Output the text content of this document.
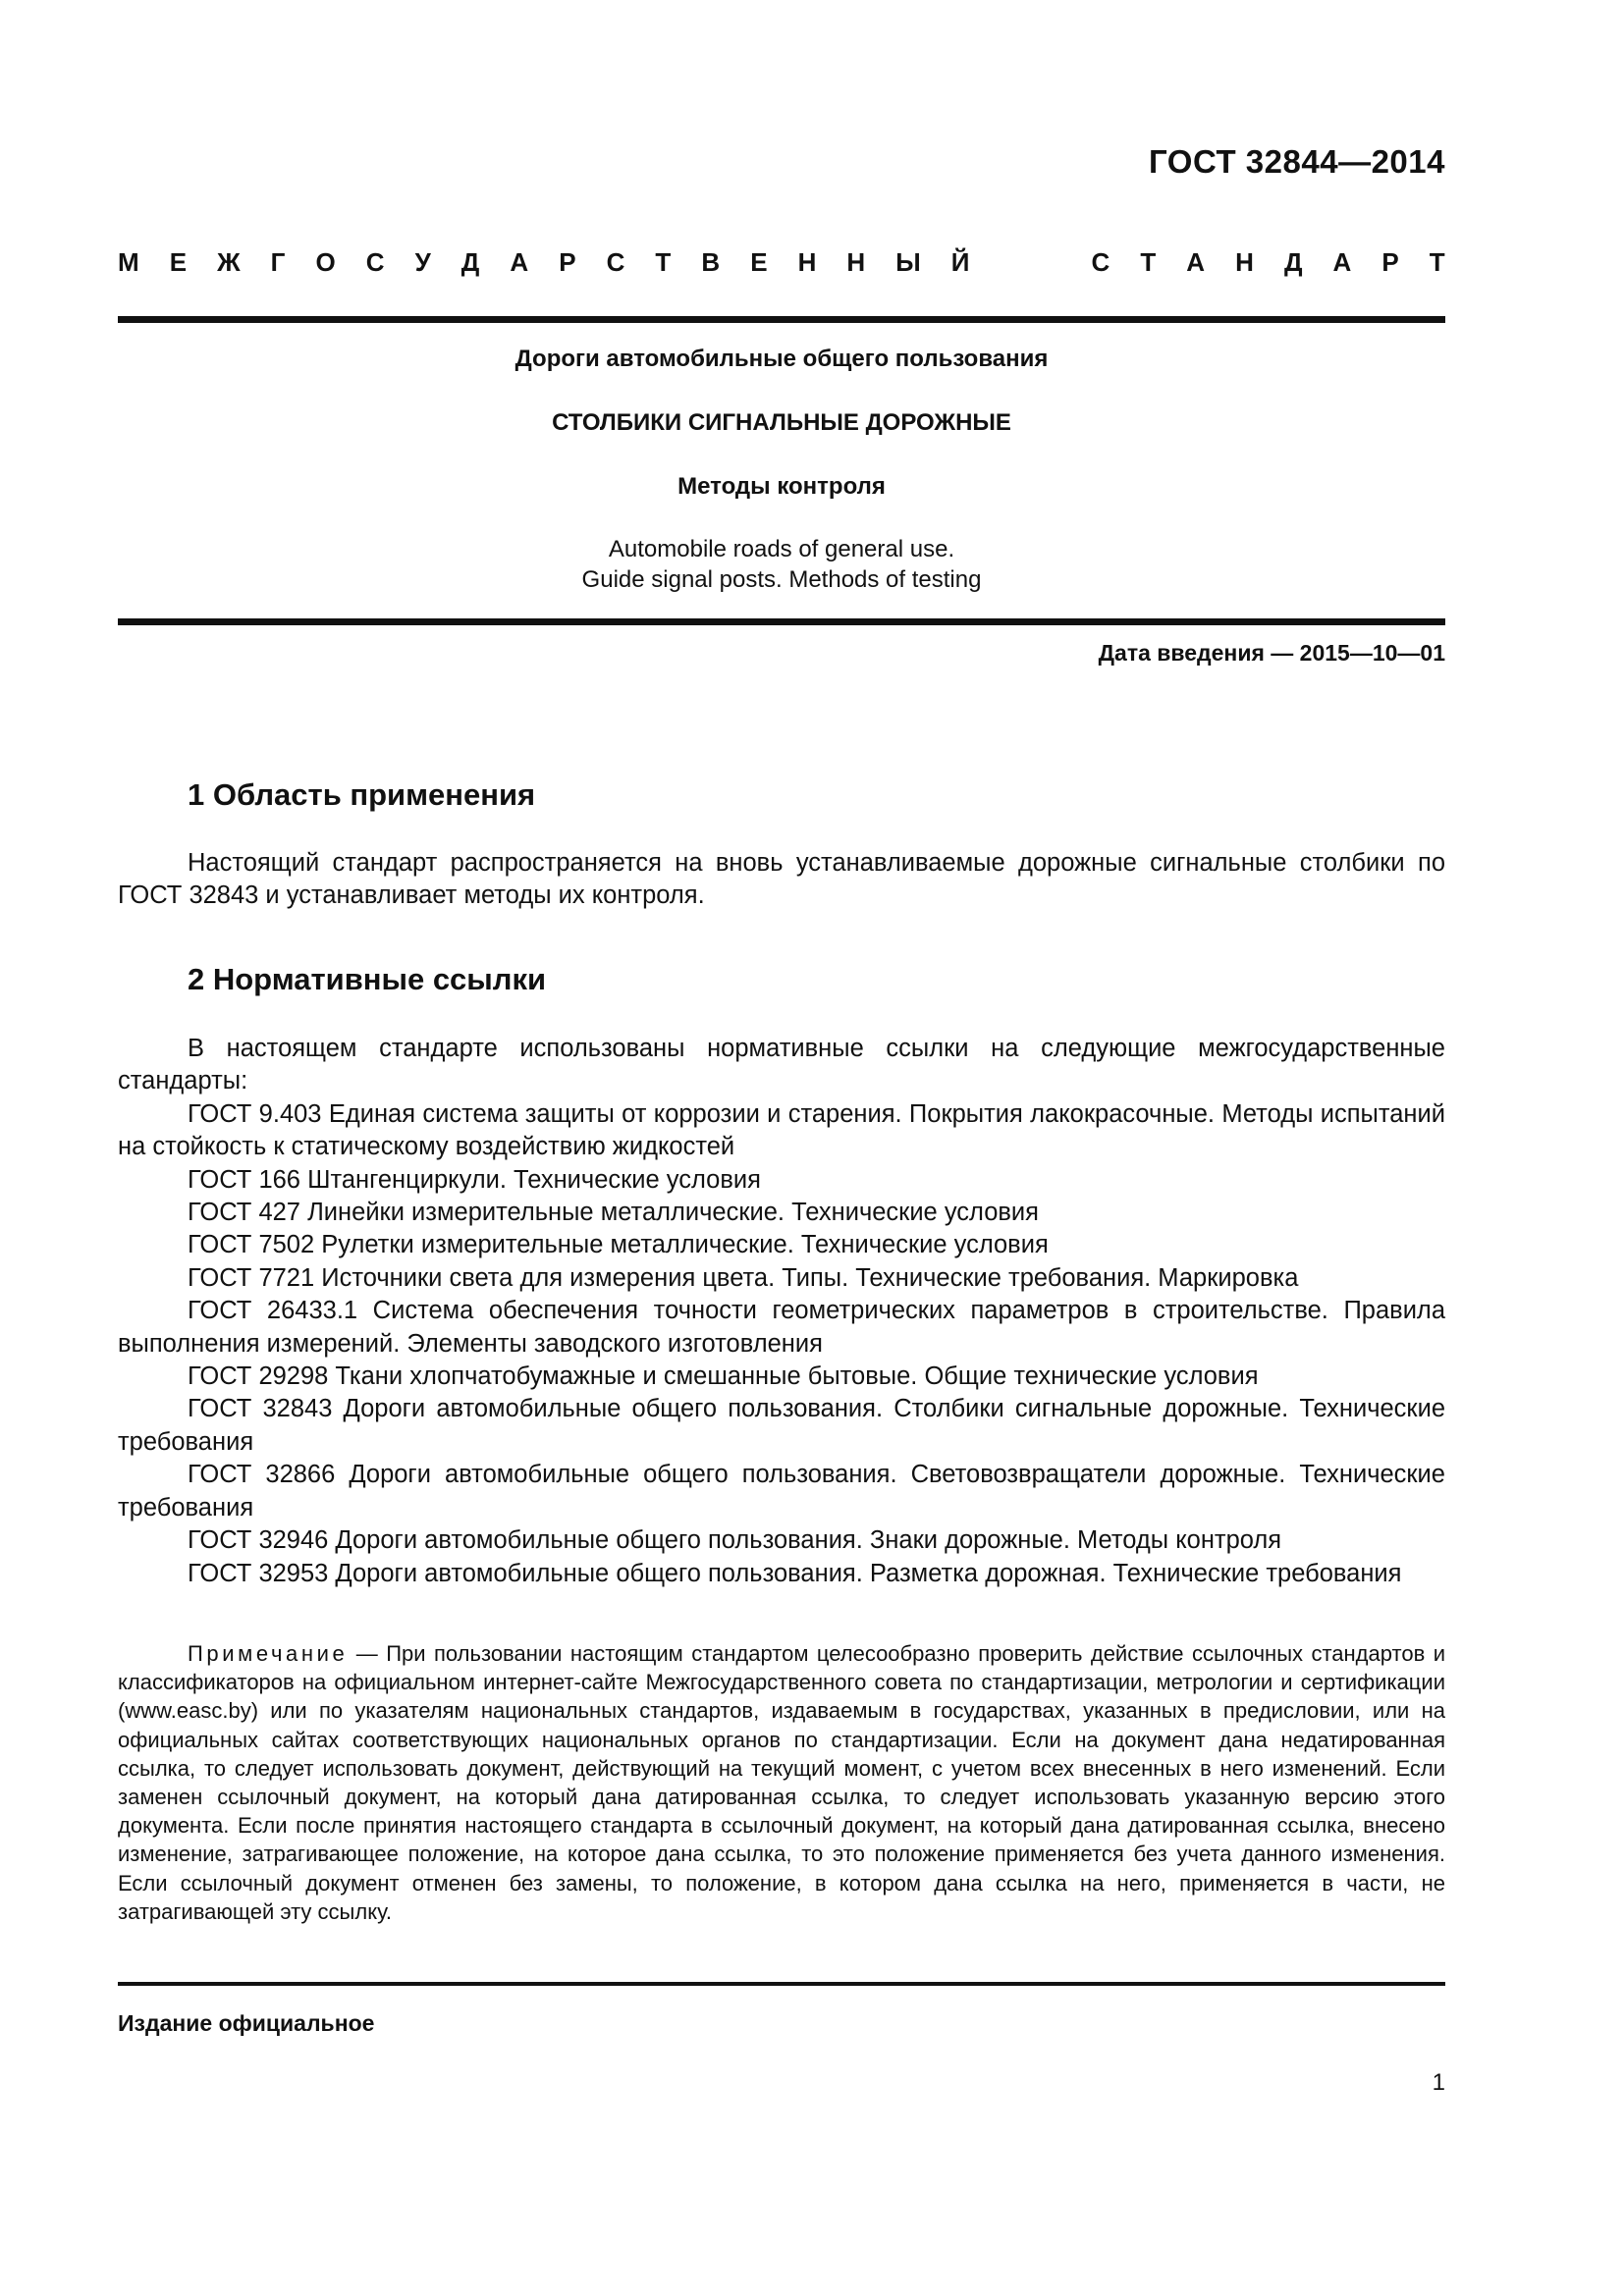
ГОСТ 32844—2014
М Е Ж Г О С У Д А Р С Т В Е Н Н Ы Й	С Т А Н Д А Р Т
Дороги автомобильные общего пользования
СТОЛБИКИ СИГНАЛЬНЫЕ ДОРОЖНЫЕ
Методы контроля
Automobile roads of general use.
Guide signal posts. Methods of testing
Дата введения — 2015—10—01
1 Область применения
Настоящий стандарт распространяется на вновь устанавливаемые дорожные сигнальные столбики по ГОСТ 32843 и устанавливает методы их контроля.
2 Нормативные ссылки

В настоящем стандарте использованы нормативные ссылки на следующие межгосударственные стандарты:

ГОСТ 9.403 Единая система защиты от коррозии и старения. Покрытия лакокрасочные. Методы испытаний на стойкость к статическому воздействию жидкостей

ГОСТ 166 Штангенциркули. Технические условия

ГОСТ 427 Линейки измерительные металлические. Технические условия

ГОСТ 7502 Рулетки измерительные металлические. Технические условия

ГОСТ 7721 Источники света для измерения цвета. Типы. Технические требования. Маркировка

ГОСТ 26433.1 Система обеспечения точности геометрических параметров в строительстве. Правила выполнения измерений. Элементы заводского изготовления

ГОСТ 29298 Ткани хлопчатобумажные и смешанные бытовые. Общие технические условия

ГОСТ 32843 Дороги автомобильные общего пользования. Столбики сигнальные дорожные. Технические требования

ГОСТ 32866 Дороги автомобильные общего пользования. Световозвращатели дорожные. Технические требования

ГОСТ 32946 Дороги автомобильные общего пользования. Знаки дорожные. Методы контроля

ГОСТ 32953 Дороги автомобильные общего пользования. Разметка дорожная. Технические требования

Примечание — При пользовании настоящим стандартом целесообразно проверить действие ссылочных стандартов и классификаторов на официальном интернет-сайте Межгосударственного совета по стандартизации, метрологии и сертификации (www.easc.by) или по указателям национальных стандартов, издаваемым в государствах, указанных в предисловии, или на официальных сайтах соответствующих национальных органов по стандартизации. Если на документ дана недатированная ссылка, то следует использовать документ, действующий на текущий момент, с учетом всех внесенных в него изменений. Если заменен ссылочный документ, на который дана датированная ссылка, то следует использовать указанную версию этого документа. Если после принятия настоящего стандарта в ссылочный документ, на который дана датированная ссылка, внесено изменение, затрагивающее положение, на которое дана ссылка, то это положение применяется без учета данного изменения. Если ссылочный документ отменен без замены, то положение, в котором дана ссылка на него, применяется в части, не затрагивающей эту ссылку.

Издание официальное
1
